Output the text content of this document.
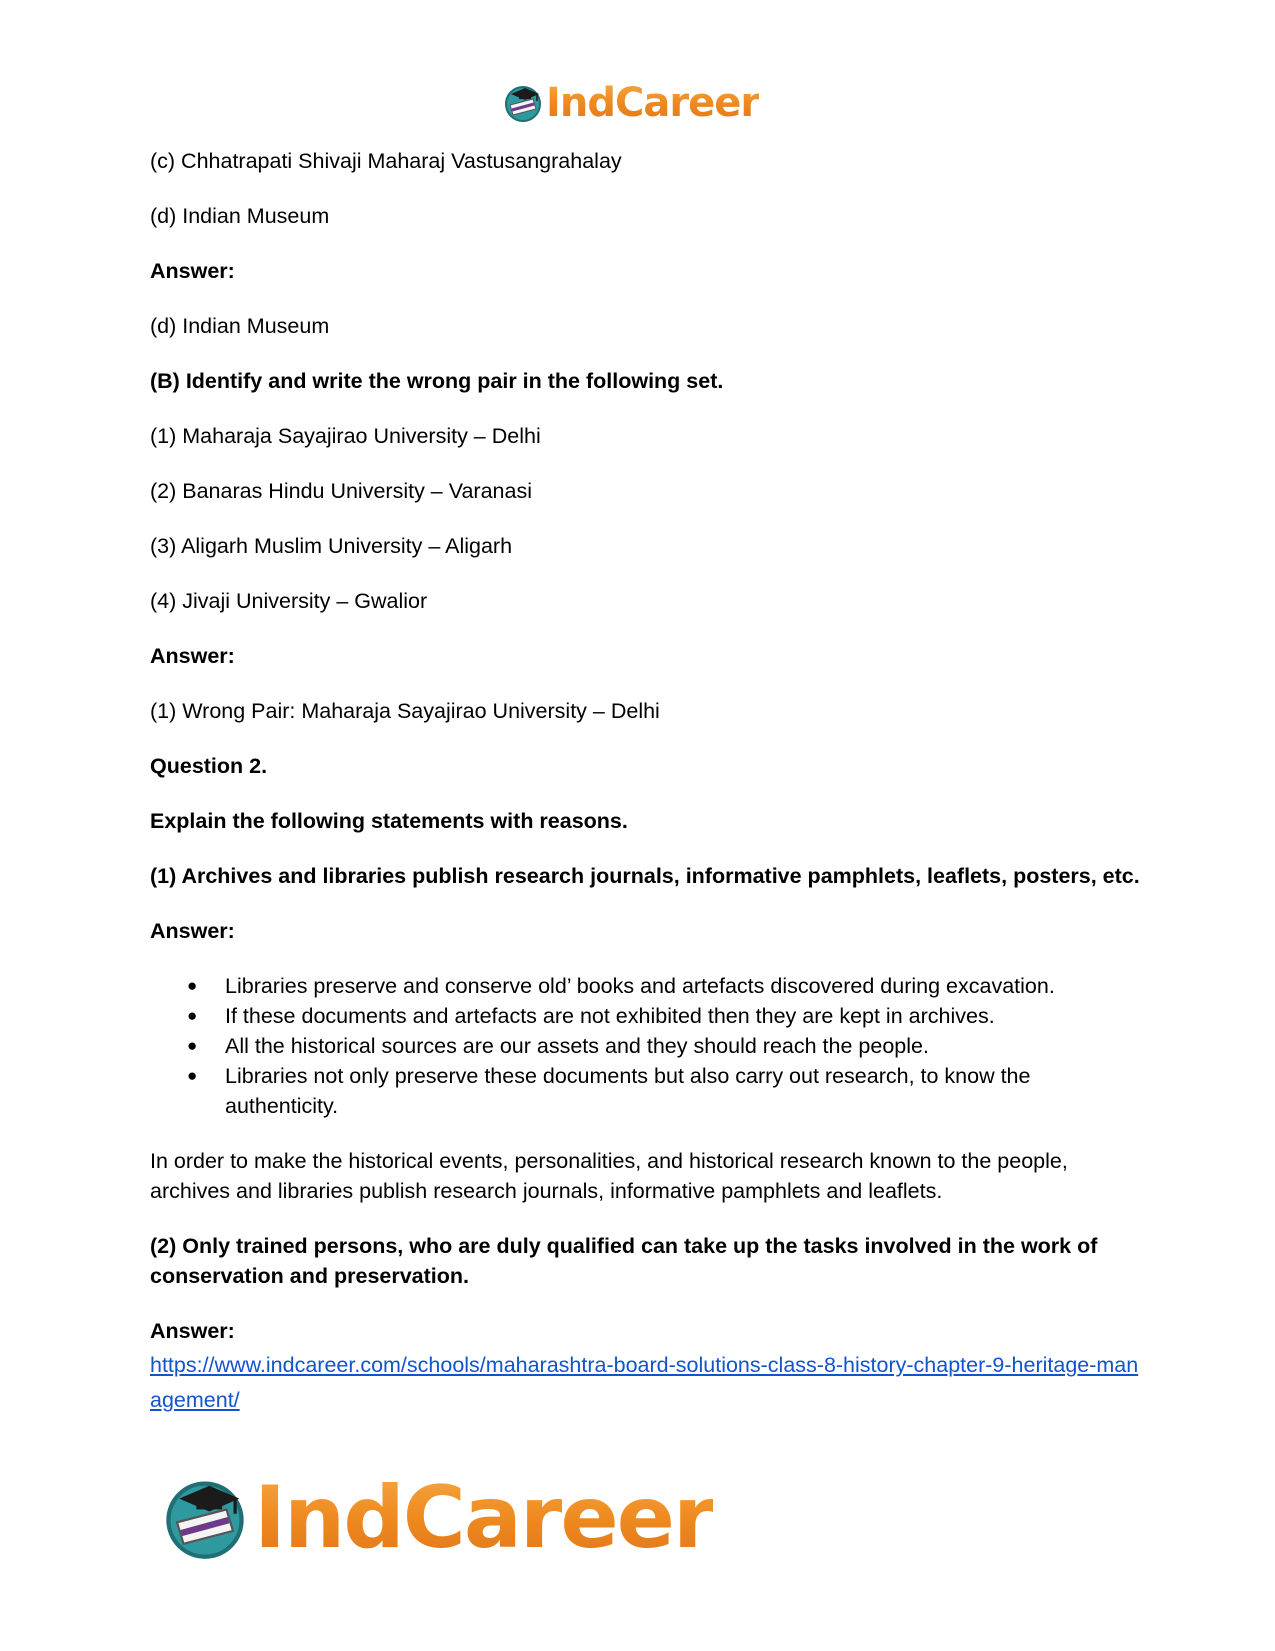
IndCareer

(c) Chhatrapati Shivaji Maharaj Vastusangrahalay

(d) Indian Museum

Answer:

(d) Indian Museum

(B) Identify and write the wrong pair in the following set.

(1) Maharaja Sayajirao University – Delhi

(2) Banaras Hindu University – Varanasi

(3) Aligarh Muslim University – Aligarh

(4) Jivaji University – Gwalior

Answer:

(1) Wrong Pair: Maharaja Sayajirao University – Delhi

Question 2.

Explain the following statements with reasons.

(1) Archives and libraries publish research journals, informative pamphlets, leaflets, posters, etc.

Answer:

● Libraries preserve and conserve old’ books and artefacts discovered during excavation.
● If these documents and artefacts are not exhibited then they are kept in archives.
● All the historical sources are our assets and they should reach the people.
● Libraries not only preserve these documents but also carry out research, to know the authenticity.

In order to make the historical events, personalities, and historical research known to the people, archives and libraries publish research journals, informative pamphlets and leaflets.

(2) Only trained persons, who are duly qualified can take up the tasks involved in the work of conservation and preservation.

Answer:
https://www.indcareer.com/schools/maharashtra-board-solutions-class-8-history-chapter-9-heritage-management/
IndCareer
